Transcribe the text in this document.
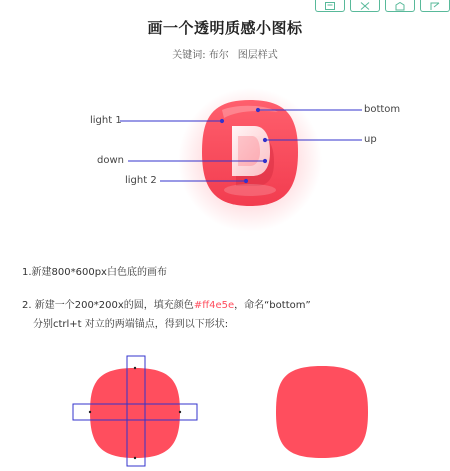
画一个透明质感小图标
关键词: 布尔 图层样式
light 1
down
light 2
bottom
up
1.新建800*600px白色底的画布
2. 新建一个200*200x的圆，填充颜色#ff4e5e，命名“bottom”
分别ctrl+t 对立的两端锚点，得到以下形状:
